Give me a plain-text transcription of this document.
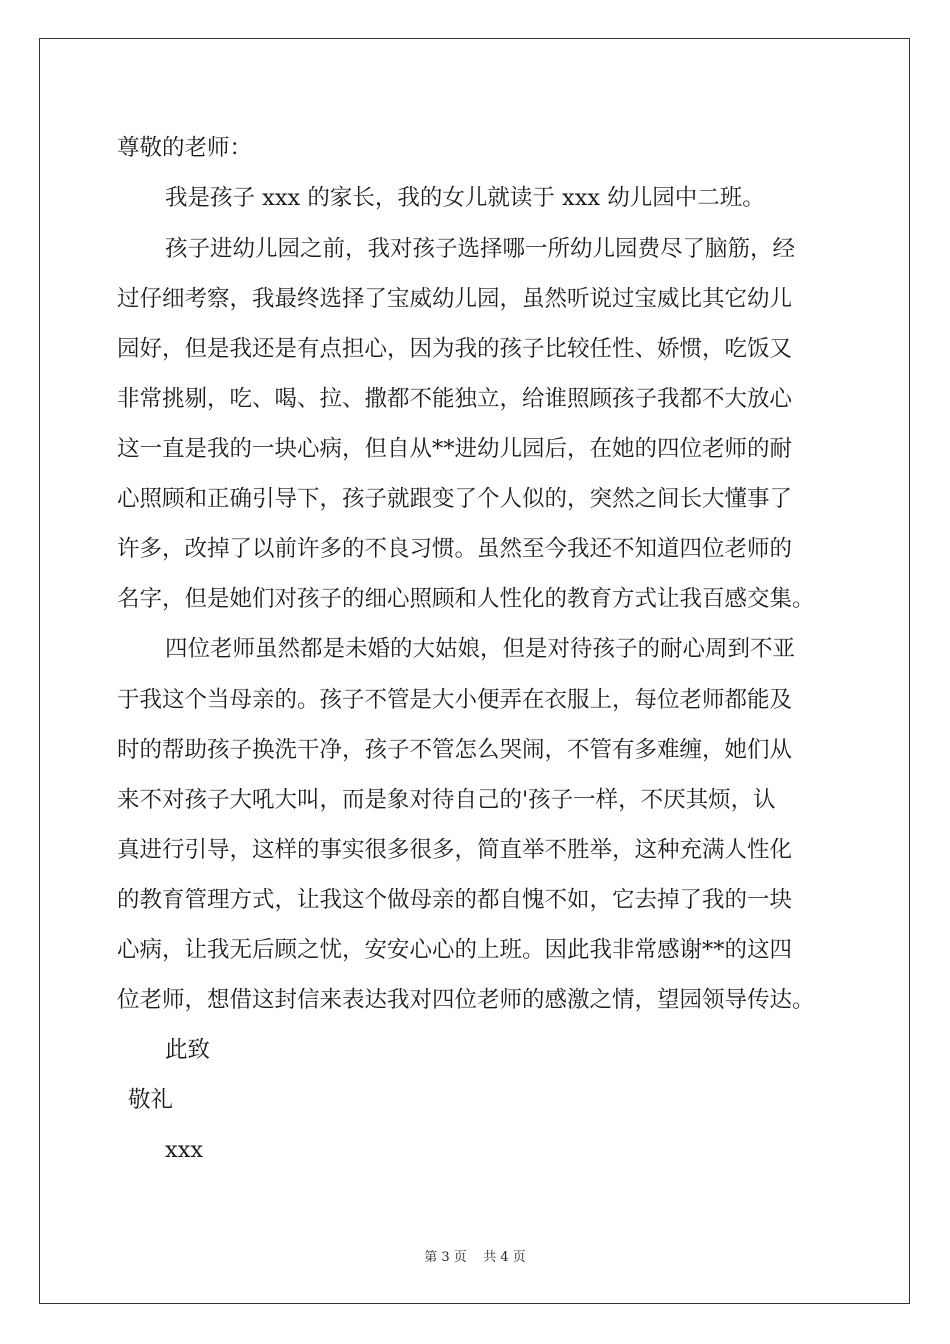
尊敬的老师：
我是孩子 xxx 的家长，我的女儿就读于 xxx 幼儿园中二班。
孩子进幼儿园之前，我对孩子选择哪一所幼儿园费尽了脑筋，经
过仔细考察，我最终选择了宝威幼儿园，虽然听说过宝威比其它幼儿
园好，但是我还是有点担心，因为我的孩子比较任性、娇惯，吃饭又
非常挑剔，吃、喝、拉、撒都不能独立，给谁照顾孩子我都不大放心
这一直是我的一块心病，但自从**进幼儿园后，在她的四位老师的耐
心照顾和正确引导下，孩子就跟变了个人似的，突然之间长大懂事了
许多，改掉了以前许多的不良习惯。虽然至今我还不知道四位老师的
名字，但是她们对孩子的细心照顾和人性化的教育方式让我百感交集。
四位老师虽然都是未婚的大姑娘，但是对待孩子的耐心周到不亚
于我这个当母亲的。孩子不管是大小便弄在衣服上，每位老师都能及
时的帮助孩子换洗干净，孩子不管怎么哭闹，不管有多难缠，她们从
来不对孩子大吼大叫，而是象对待自己的'孩子一样，不厌其烦，认
真进行引导，这样的事实很多很多，简直举不胜举，这种充满人性化
的教育管理方式，让我这个做母亲的都自愧不如，它去掉了我的一块
心病，让我无后顾之忧，安安心心的上班。因此我非常感谢**的这四
位老师，想借这封信来表达我对四位老师的感激之情，望园领导传达。
此致
敬礼
xxx
第 3 页 共 4 页
